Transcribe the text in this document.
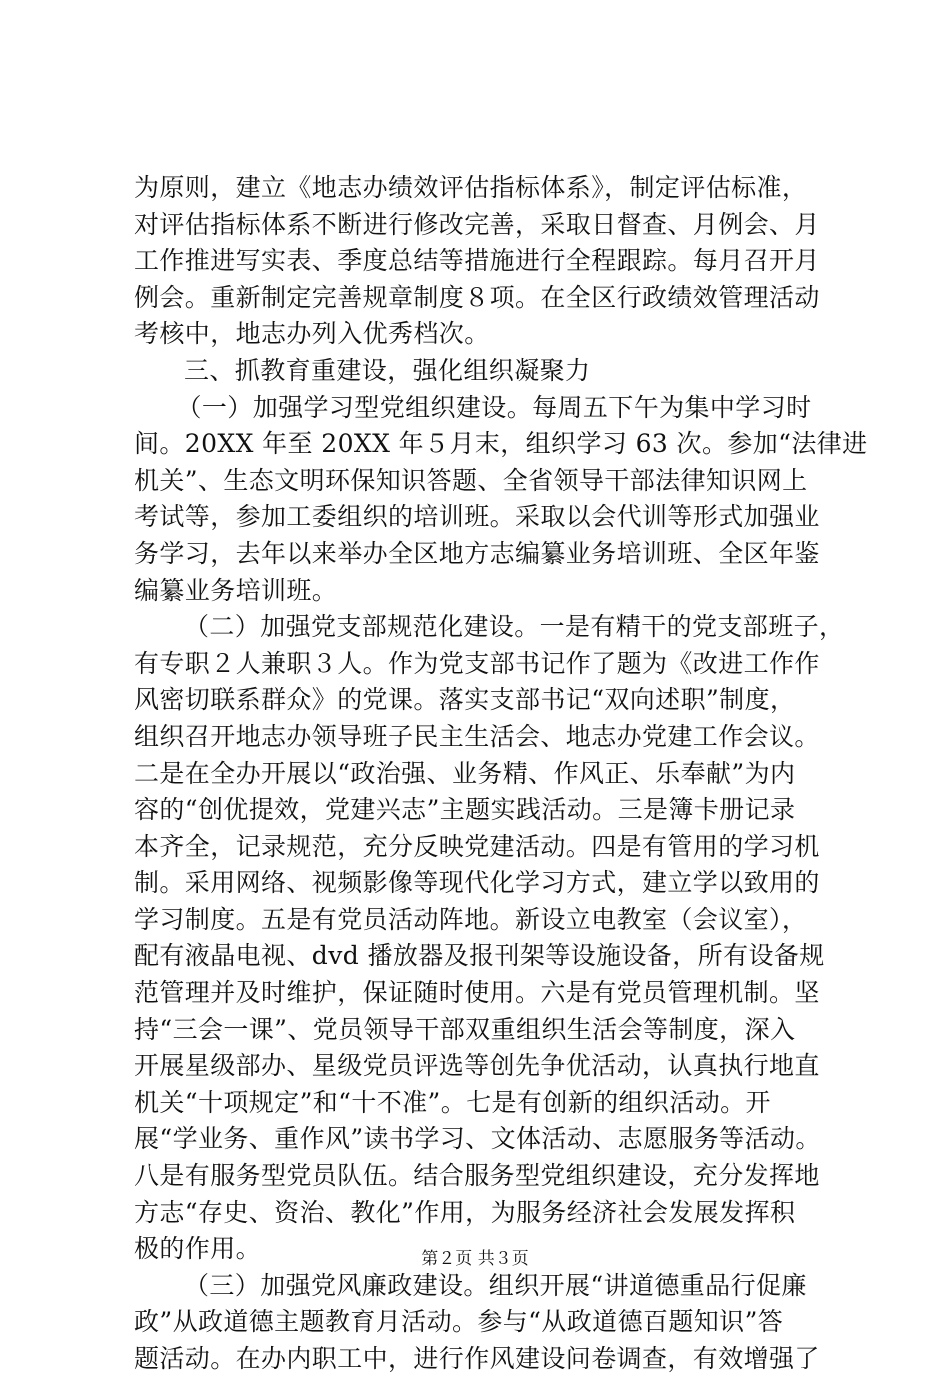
为原则，建立《地志办绩效评估指标体系》，制定评估标准，
对评估指标体系不断进行修改完善，采取日督查、月例会、月
工作推进写实表、季度总结等措施进行全程跟踪。每月召开月
例会。重新制定完善规章制度８项。在全区行政绩效管理活动
考核中，地志办列入优秀档次。
三、抓教育重建设，强化组织凝聚力
（一）加强学习型党组织建设。每周五下午为集中学习时
间。20XX 年至 20XX 年５月末，组织学习 63 次。参加“法律进
机关”、生态文明环保知识答题、全省领导干部法律知识网上
考试等，参加工委组织的培训班。采取以会代训等形式加强业
务学习，去年以来举办全区地方志编纂业务培训班、全区年鉴
编纂业务培训班。
（二）加强党支部规范化建设。一是有精干的党支部班子，
有专职２人兼职３人。作为党支部书记作了题为《改进工作作
风密切联系群众》的党课。落实支部书记“双向述职”制度，
组织召开地志办领导班子民主生活会、地志办党建工作会议。
二是在全办开展以“政治强、业务精、作风正、乐奉献”为内
容的“创优提效，党建兴志”主题实践活动。三是簿卡册记录
本齐全，记录规范，充分反映党建活动。四是有管用的学习机
制。采用网络、视频影像等现代化学习方式，建立学以致用的
学习制度。五是有党员活动阵地。新设立电教室（会议室），
配有液晶电视、dvd 播放器及报刊架等设施设备，所有设备规
范管理并及时维护，保证随时使用。六是有党员管理机制。坚
持“三会一课”、党员领导干部双重组织生活会等制度，深入
开展星级部办、星级党员评选等创先争优活动，认真执行地直
机关“十项规定”和“十不准”。七是有创新的组织活动。开
展“学业务、重作风”读书学习、文体活动、志愿服务等活动。
八是有服务型党员队伍。结合服务型党组织建设，充分发挥地
方志“存史、资治、教化”作用，为服务经济社会发展发挥积
极的作用。
（三）加强党风廉政建设。组织开展“讲道德重品行促廉
政”从政道德主题教育月活动。参与“从政道德百题知识”答
题活动。在办内职工中，进行作风建设问卷调查，有效增强了
第２页 共３页
